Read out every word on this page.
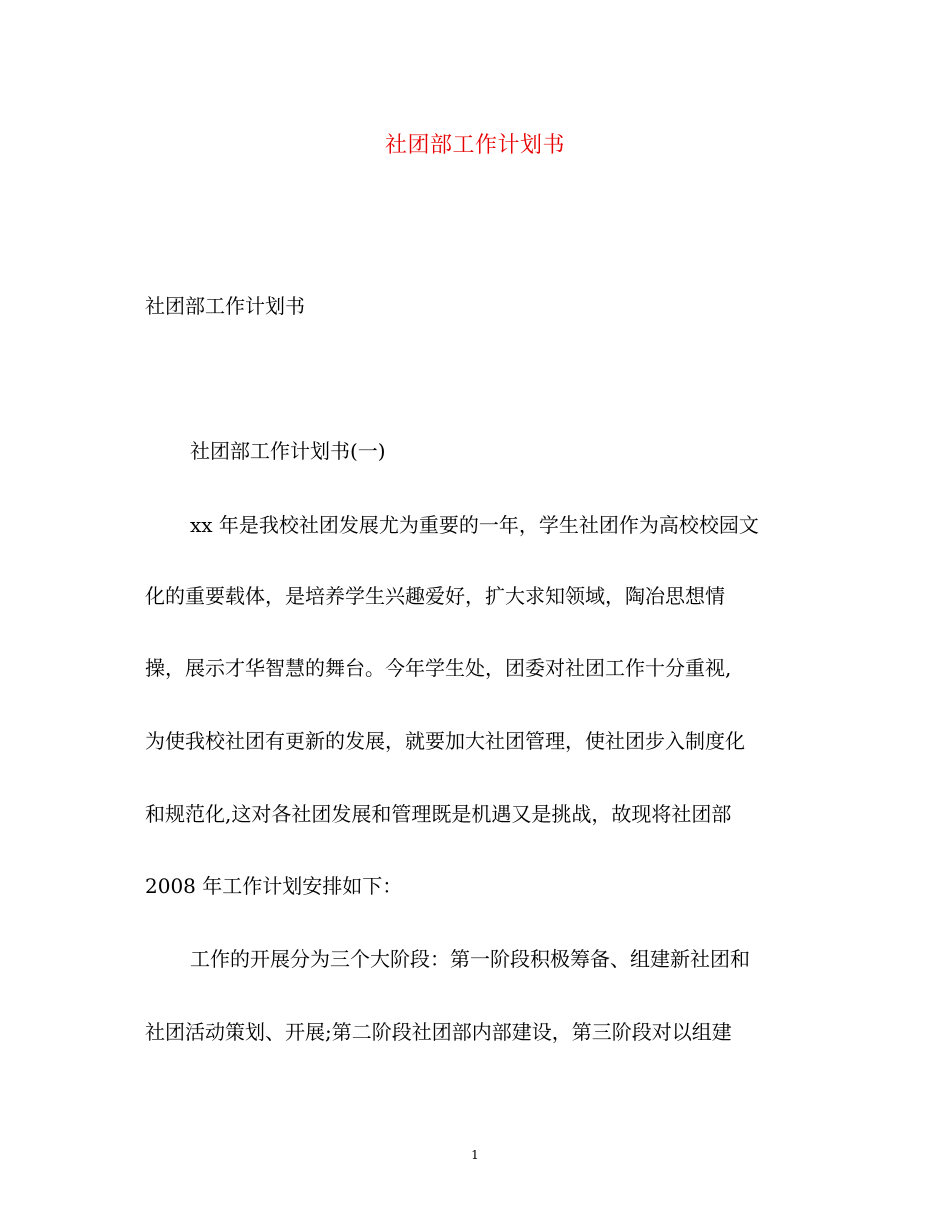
社团部工作计划书
社团部工作计划书
社团部工作计划书(一)
xx 年是我校社团发展尤为重要的一年，学生社团作为高校校园文
化的重要载体，是培养学生兴趣爱好，扩大求知领域，陶冶思想情
操，展示才华智慧的舞台。今年学生处，团委对社团工作十分重视,
为使我校社团有更新的发展，就要加大社团管理，使社团步入制度化
和规范化,这对各社团发展和管理既是机遇又是挑战，故现将社团部
2008 年工作计划安排如下：
工作的开展分为三个大阶段：第一阶段积极筹备、组建新社团和
社团活动策划、开展;第二阶段社团部内部建设，第三阶段对以组建
1
